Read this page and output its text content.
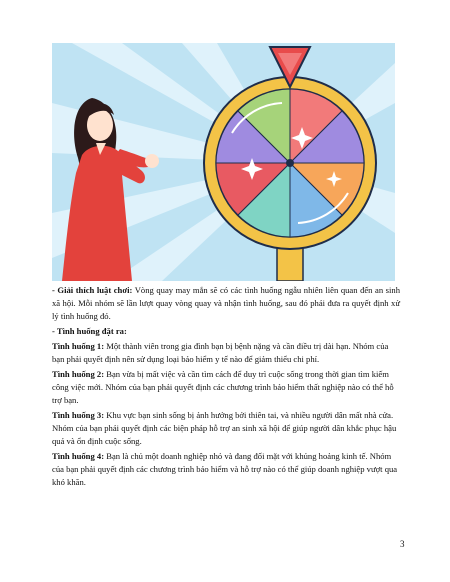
- Giải thích luật chơi: Vòng quay may mắn sẽ có các tình huống ngẫu nhiên liên quan đến an sinh xã hội. Mỗi nhóm sẽ lần lượt quay vòng quay và nhận tình huống, sau đó phải đưa ra quyết định xử lý tình huống đó.

- Tình huống đặt ra:

Tình huống 1: Một thành viên trong gia đình bạn bị bệnh nặng và cần điều trị dài hạn. Nhóm của bạn phải quyết định nên sử dụng loại bảo hiểm y tế nào để giảm thiểu chi phí.

Tình huống 2: Bạn vừa bị mất việc và cần tìm cách để duy trì cuộc sống trong thời gian tìm kiếm công việc mới. Nhóm của bạn phải quyết định các chương trình bảo hiểm thất nghiệp nào có thể hỗ trợ bạn.

Tình huống 3: Khu vực bạn sinh sống bị ảnh hưởng bởi thiên tai, và nhiều người dân mất nhà cửa. Nhóm của bạn phải quyết định các biện pháp hỗ trợ an sinh xã hội để giúp người dân khắc phục hậu quả và ổn định cuộc sống.

Tình huống 4: Bạn là chủ một doanh nghiệp nhỏ và đang đối mặt với khủng hoảng kinh tế. Nhóm của bạn phải quyết định các chương trình bảo hiểm và hỗ trợ nào có thể giúp doanh nghiệp vượt qua khó khăn.

3
